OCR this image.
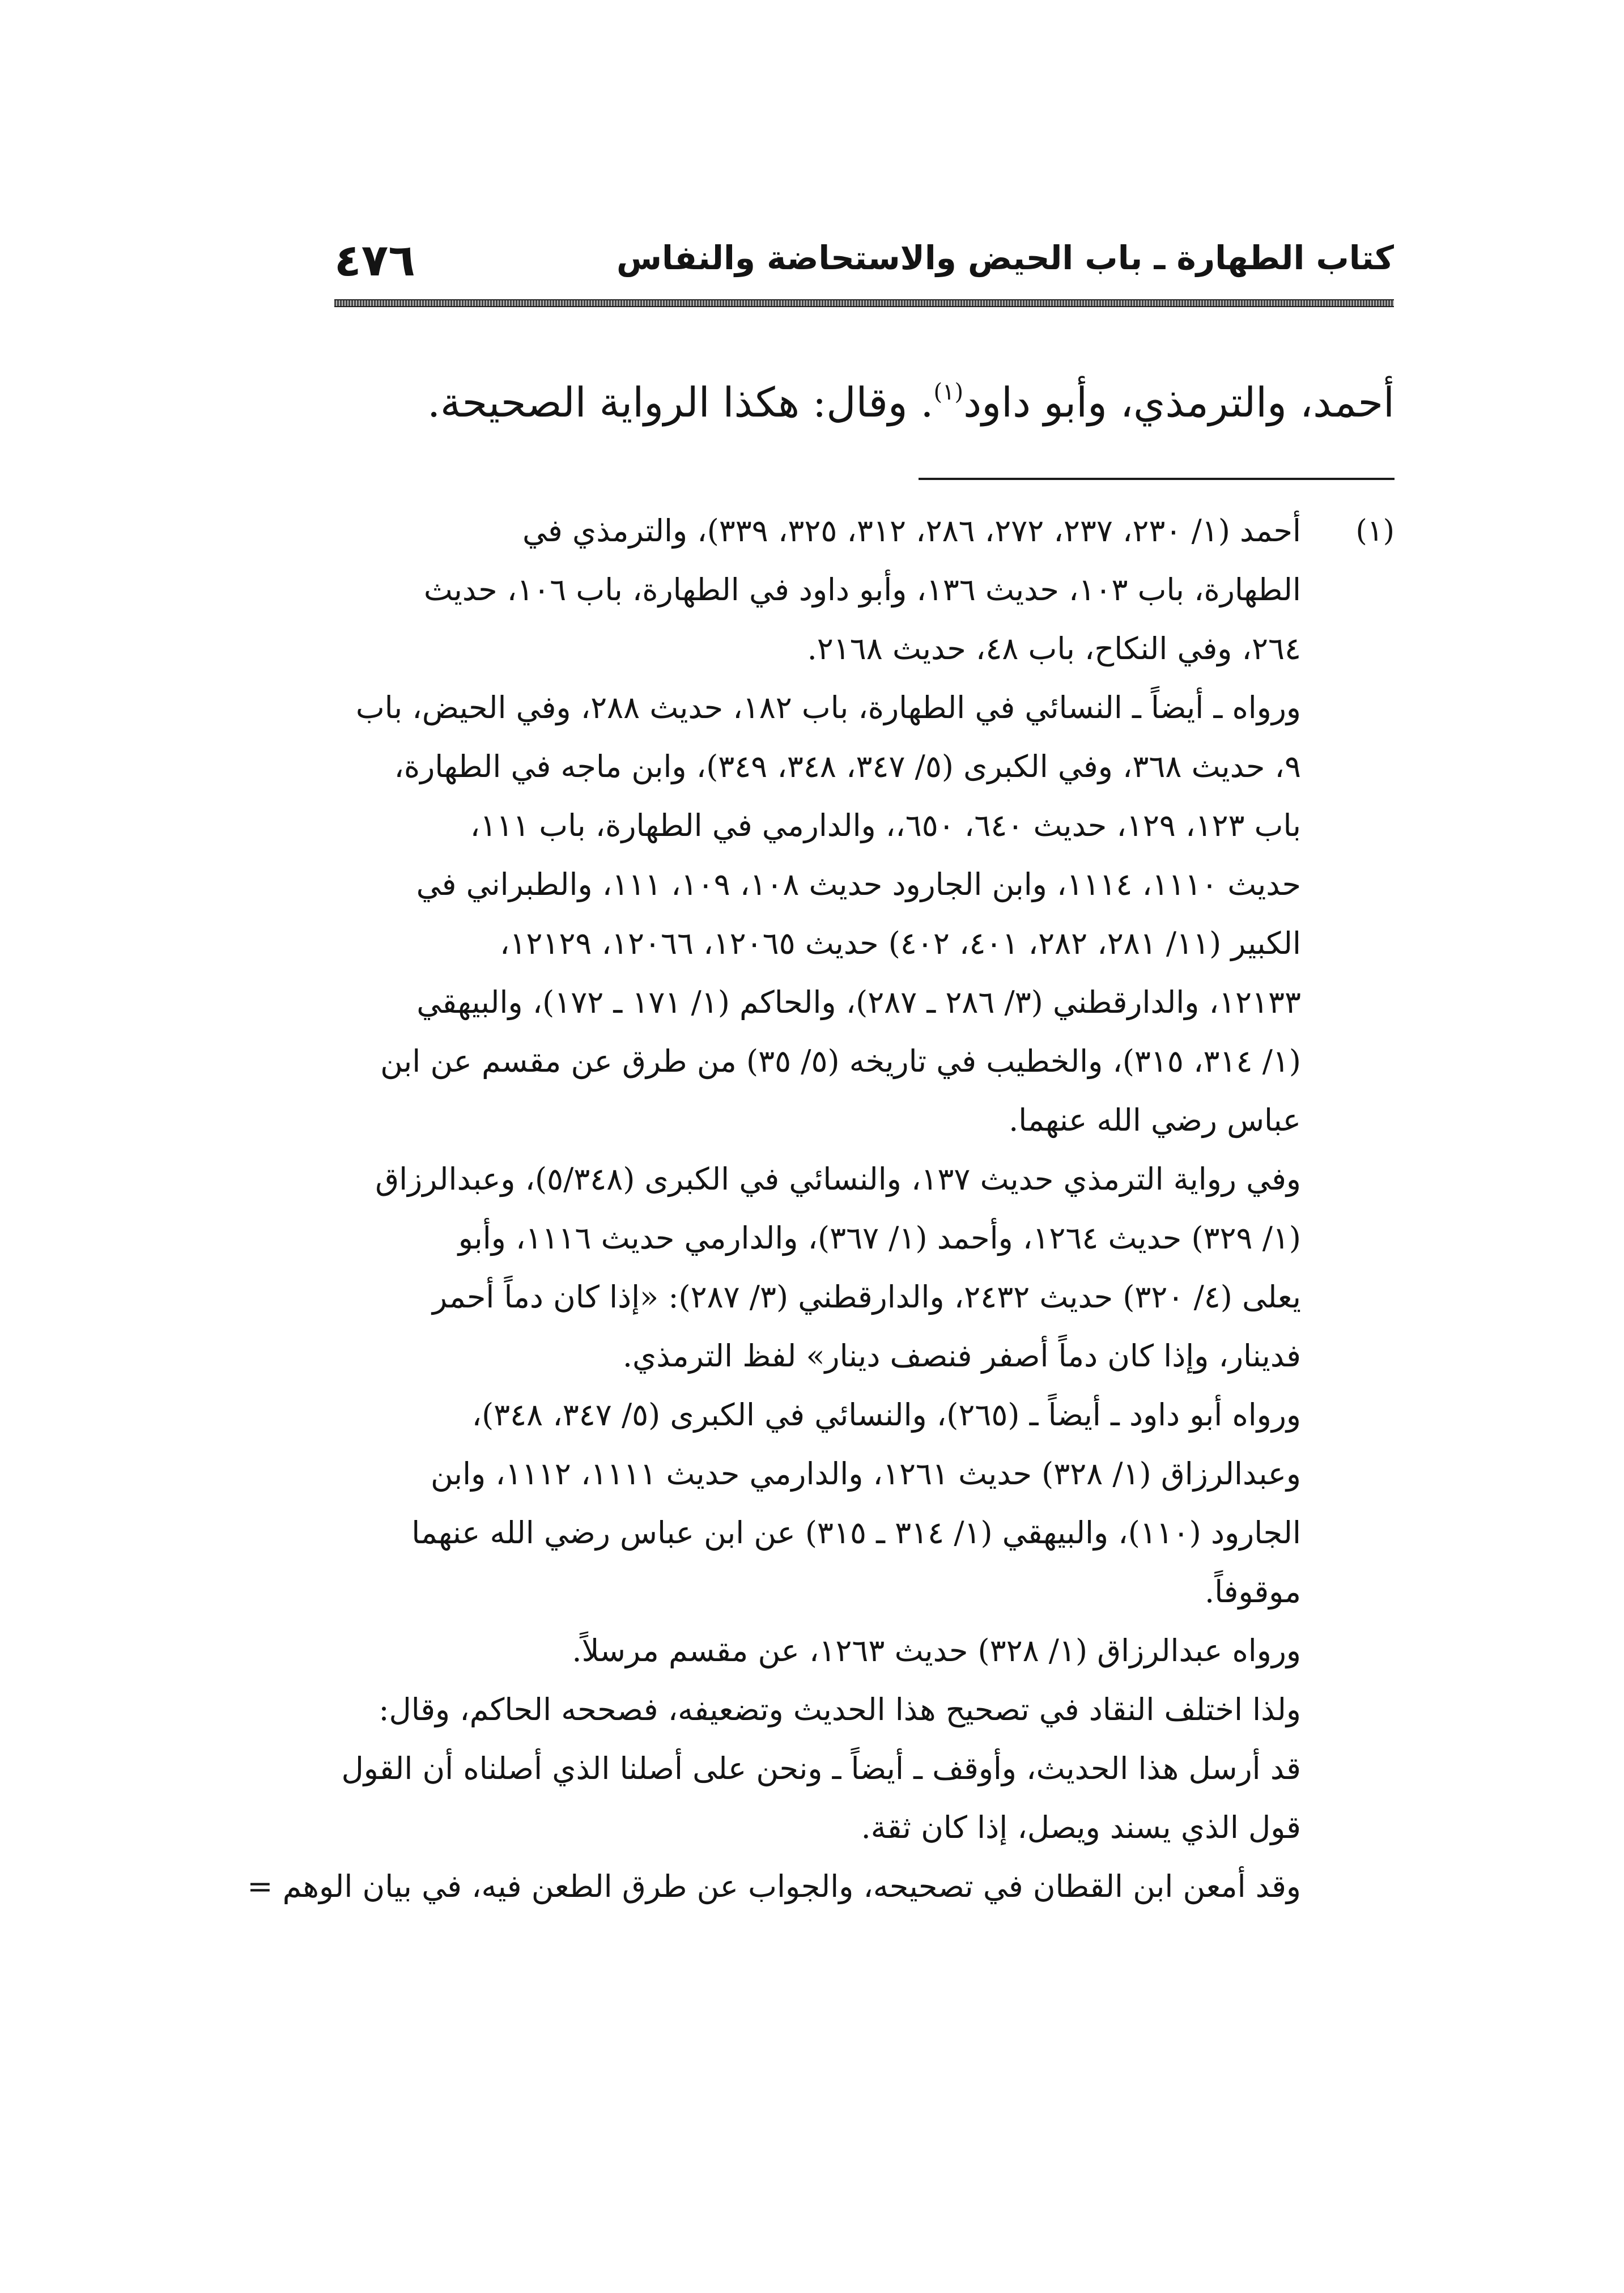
كتاب الطهارة ـ باب الحيض والاستحاضة والنفاس
٤٧٦
أحمد، والترمذي، وأبو داود$^{(١)}$. وقال: هكذا الرواية الصحيحة.
(١)
أحمد (١/ ٢٣٠، ٢٣٧، ٢٧٢، ٢٨٦، ٣١٢، ٣٢٥، ٣٣٩)، والترمذي في
الطهارة، باب ١٠٣، حديث ١٣٦، وأبو داود في الطهارة، باب ١٠٦، حديث
٢٦٤، وفي النكاح، باب ٤٨، حديث ٢١٦٨.
ورواه ـ أيضاً ـ النسائي في الطهارة، باب ١٨٢، حديث ٢٨٨، وفي الحيض، باب
٩، حديث ٣٦٨، وفي الكبرى (٥/ ٣٤٧، ٣٤٨، ٣٤٩)، وابن ماجه في الطهارة،
باب ١٢٣، ١٢٩، حديث ٦٤٠، ٦٥٠،، والدارمي في الطهارة، باب ١١١،
حديث ١١١٠، ١١١٤، وابن الجارود حديث ١٠٨، ١٠٩، ١١١، والطبراني في
الكبير (١١/ ٢٨١، ٢٨٢، ٤٠١، ٤٠٢) حديث ١٢٠٦٥، ١٢٠٦٦، ١٢١٢٩،
١٢١٣٣، والدارقطني (٣/ ٢٨٦ ـ ٢٨٧)، والحاكم (١/ ١٧١ ـ ١٧٢)، والبيهقي
(١/ ٣١٤، ٣١٥)، والخطيب في تاريخه (٥/ ٣٥) من طرق عن مقسم عن ابن
عباس رضي الله عنهما.
وفي رواية الترمذي حديث ١٣٧، والنسائي في الكبرى (٥/٣٤٨)، وعبدالرزاق
(١/ ٣٢٩) حديث ١٢٦٤، وأحمد (١/ ٣٦٧)، والدارمي حديث ١١١٦، وأبو
يعلى (٤/ ٣٢٠) حديث ٢٤٣٢، والدارقطني (٣/ ٢٨٧): «إذا كان دماً أحمر
فدينار، وإذا كان دماً أصفر فنصف دينار» لفظ الترمذي.
ورواه أبو داود ـ أيضاً ـ (٢٦٥)، والنسائي في الكبرى (٥/ ٣٤٧، ٣٤٨)،
وعبدالرزاق (١/ ٣٢٨) حديث ١٢٦١، والدارمي حديث ١١١١، ١١١٢، وابن
الجارود (١١٠)، والبيهقي (١/ ٣١٤ ـ ٣١٥) عن ابن عباس رضي الله عنهما
موقوفاً.
ورواه عبدالرزاق (١/ ٣٢٨) حديث ١٢٦٣، عن مقسم مرسلاً.
ولذا اختلف النقاد في تصحيح هذا الحديث وتضعيفه، فصححه الحاكم، وقال:
قد أرسل هذا الحديث، وأوقف ـ أيضاً ـ ونحن على أصلنا الذي أصلناه أن القول
قول الذي يسند ويصل، إذا كان ثقة.
وقد أمعن ابن القطان في تصحيحه، والجواب عن طرق الطعن فيه، في بيان الوهم =
